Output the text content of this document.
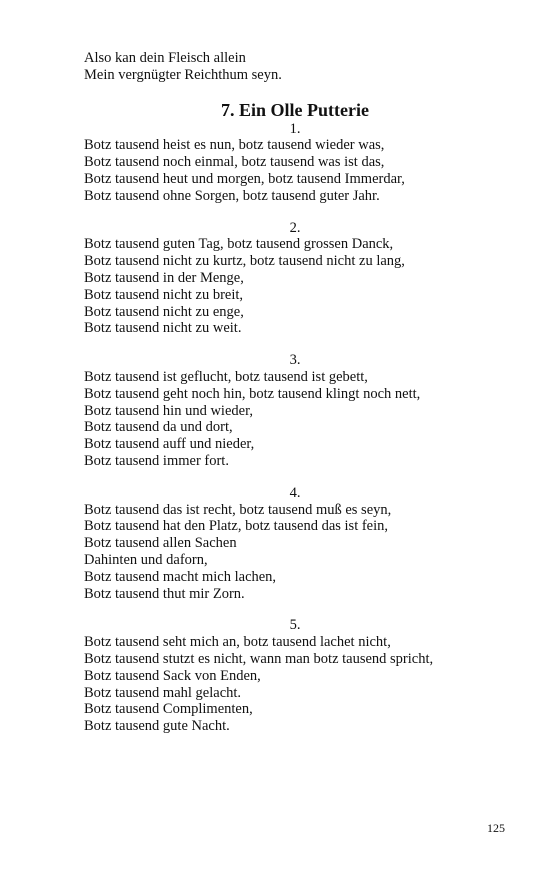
Also kan dein Fleisch allein
Mein vergnügter Reichthum seyn.
7. Ein Olle Putterie
1.
Botz tausend heist es nun, botz tausend wieder was,
Botz tausend noch einmal, botz tausend was ist das,
Botz tausend heut und morgen, botz tausend Immerdar,
Botz tausend ohne Sorgen, botz tausend guter Jahr.
2.
Botz tausend guten Tag, botz tausend grossen Danck,
Botz tausend nicht zu kurtz, botz tausend nicht zu lang,
Botz tausend in der Menge,
Botz tausend nicht zu breit,
Botz tausend nicht zu enge,
Botz tausend nicht zu weit.
3.
Botz tausend ist geflucht, botz tausend ist gebett,
Botz tausend geht noch hin, botz tausend klingt noch nett,
Botz tausend hin und wieder,
Botz tausend da und dort,
Botz tausend auff und nieder,
Botz tausend immer fort.
4.
Botz tausend das ist recht, botz tausend muß es seyn,
Botz tausend hat den Platz, botz tausend das ist fein,
Botz tausend allen Sachen
Dahinten und daforn,
Botz tausend macht mich lachen,
Botz tausend thut mir Zorn.
5.
Botz tausend seht mich an, botz tausend lachet nicht,
Botz tausend stutzt es nicht, wann man botz tausend spricht,
Botz tausend Sack von Enden,
Botz tausend mahl gelacht.
Botz tausend Complimenten,
Botz tausend gute Nacht.
125
